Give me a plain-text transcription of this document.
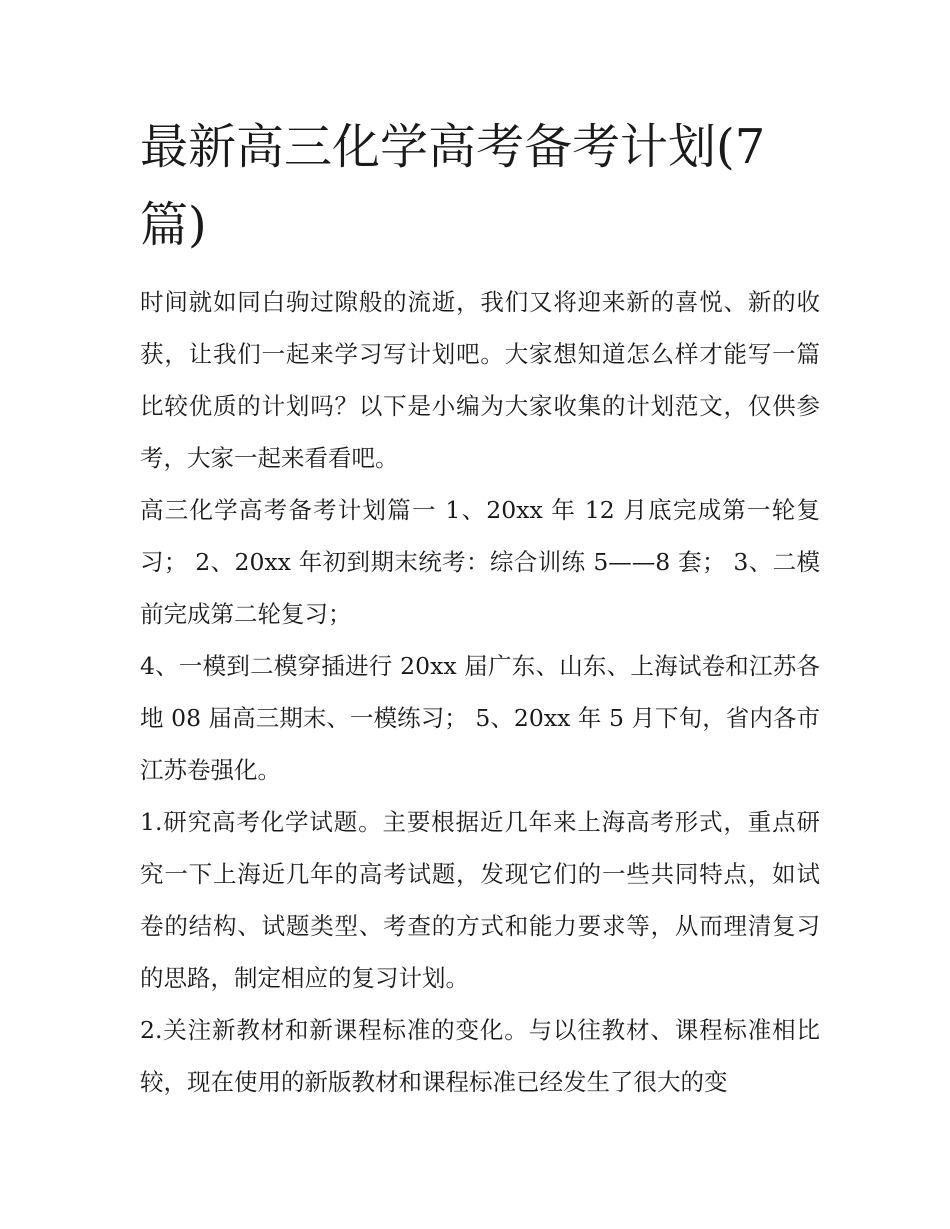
最新高三化学高考备考计划(7篇)

时间就如同白驹过隙般的流逝，我们又将迎来新的喜悦、新的收获，让我们一起来学习写计划吧。大家想知道怎么样才能写一篇比较优质的计划吗？以下是小编为大家收集的计划范文，仅供参考，大家一起来看看吧。

高三化学高考备考计划篇一 1、20xx 年 12 月底完成第一轮复习； 2、20xx 年初到期末统考：综合训练 5——8 套； 3、二模前完成第二轮复习；

4、一模到二模穿插进行 20xx 届广东、山东、上海试卷和江苏各地 08 届高三期末、一模练习； 5、20xx 年 5 月下旬，省内各市江苏卷强化。

1.研究高考化学试题。主要根据近几年来上海高考形式，重点研究一下上海近几年的高考试题，发现它们的一些共同特点，如试卷的结构、试题类型、考查的方式和能力要求等，从而理清复习的思路，制定相应的复习计划。

2.关注新教材和新课程标准的变化。与以往教材、课程标准相比较，现在使用的新版教材和课程标准已经发生了很大的变
